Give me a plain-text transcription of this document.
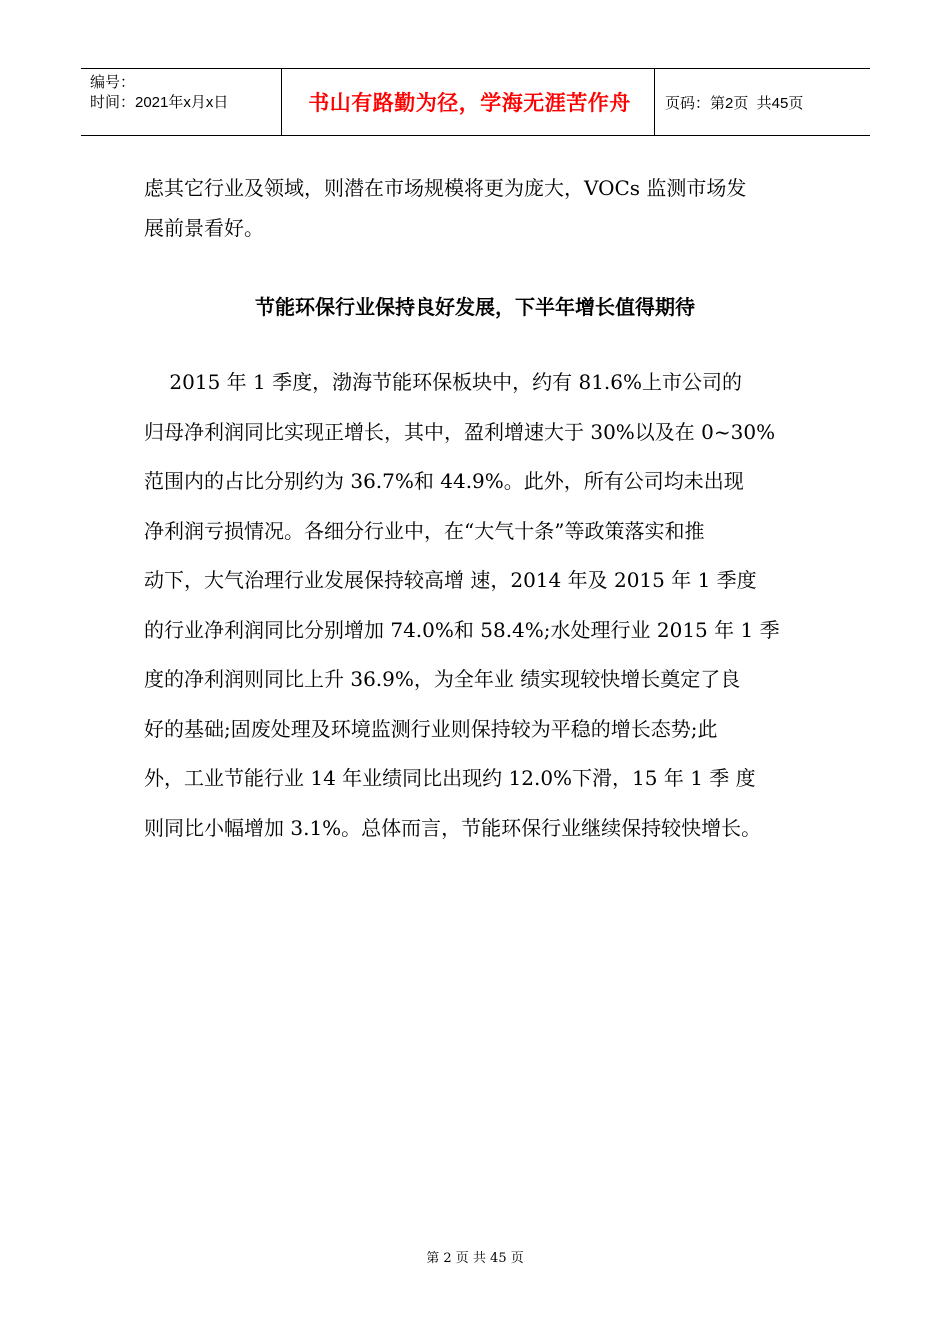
编号：
时间：2021年x月x日	书山有路勤为径，学海无涯苦作舟 页码：第2页  共45页
虑其它行业及领域，则潜在市场规模将更为庞大，VOCs 监测市场发
展前景看好。
节能环保行业保持良好发展，下半年增长值得期待
2015 年 1 季度，渤海节能环保板块中，约有 81.6%上市公司的
归母净利润同比实现正增长，其中，盈利增速大于 30%以及在 0~30%
范围内的占比分别约为 36.7%和 44.9%。此外，所有公司均未出现
净利润亏损情况。各细分行业中，在“大气十条”等政策落实和推
动下，大气治理行业发展保持较高增 速，2014 年及 2015 年 1 季度
的行业净利润同比分别增加 74.0%和 58.4%;水处理行业 2015 年 1 季
度的净利润则同比上升 36.9%，为全年业 绩实现较快增长奠定了良
好的基础;固废处理及环境监测行业则保持较为平稳的增长态势;此
外，工业节能行业 14 年业绩同比出现约 12.0%下滑，15 年 1 季 度
则同比小幅增加 3.1%。总体而言，节能环保行业继续保持较快增长。
第 2 页 共 45 页
